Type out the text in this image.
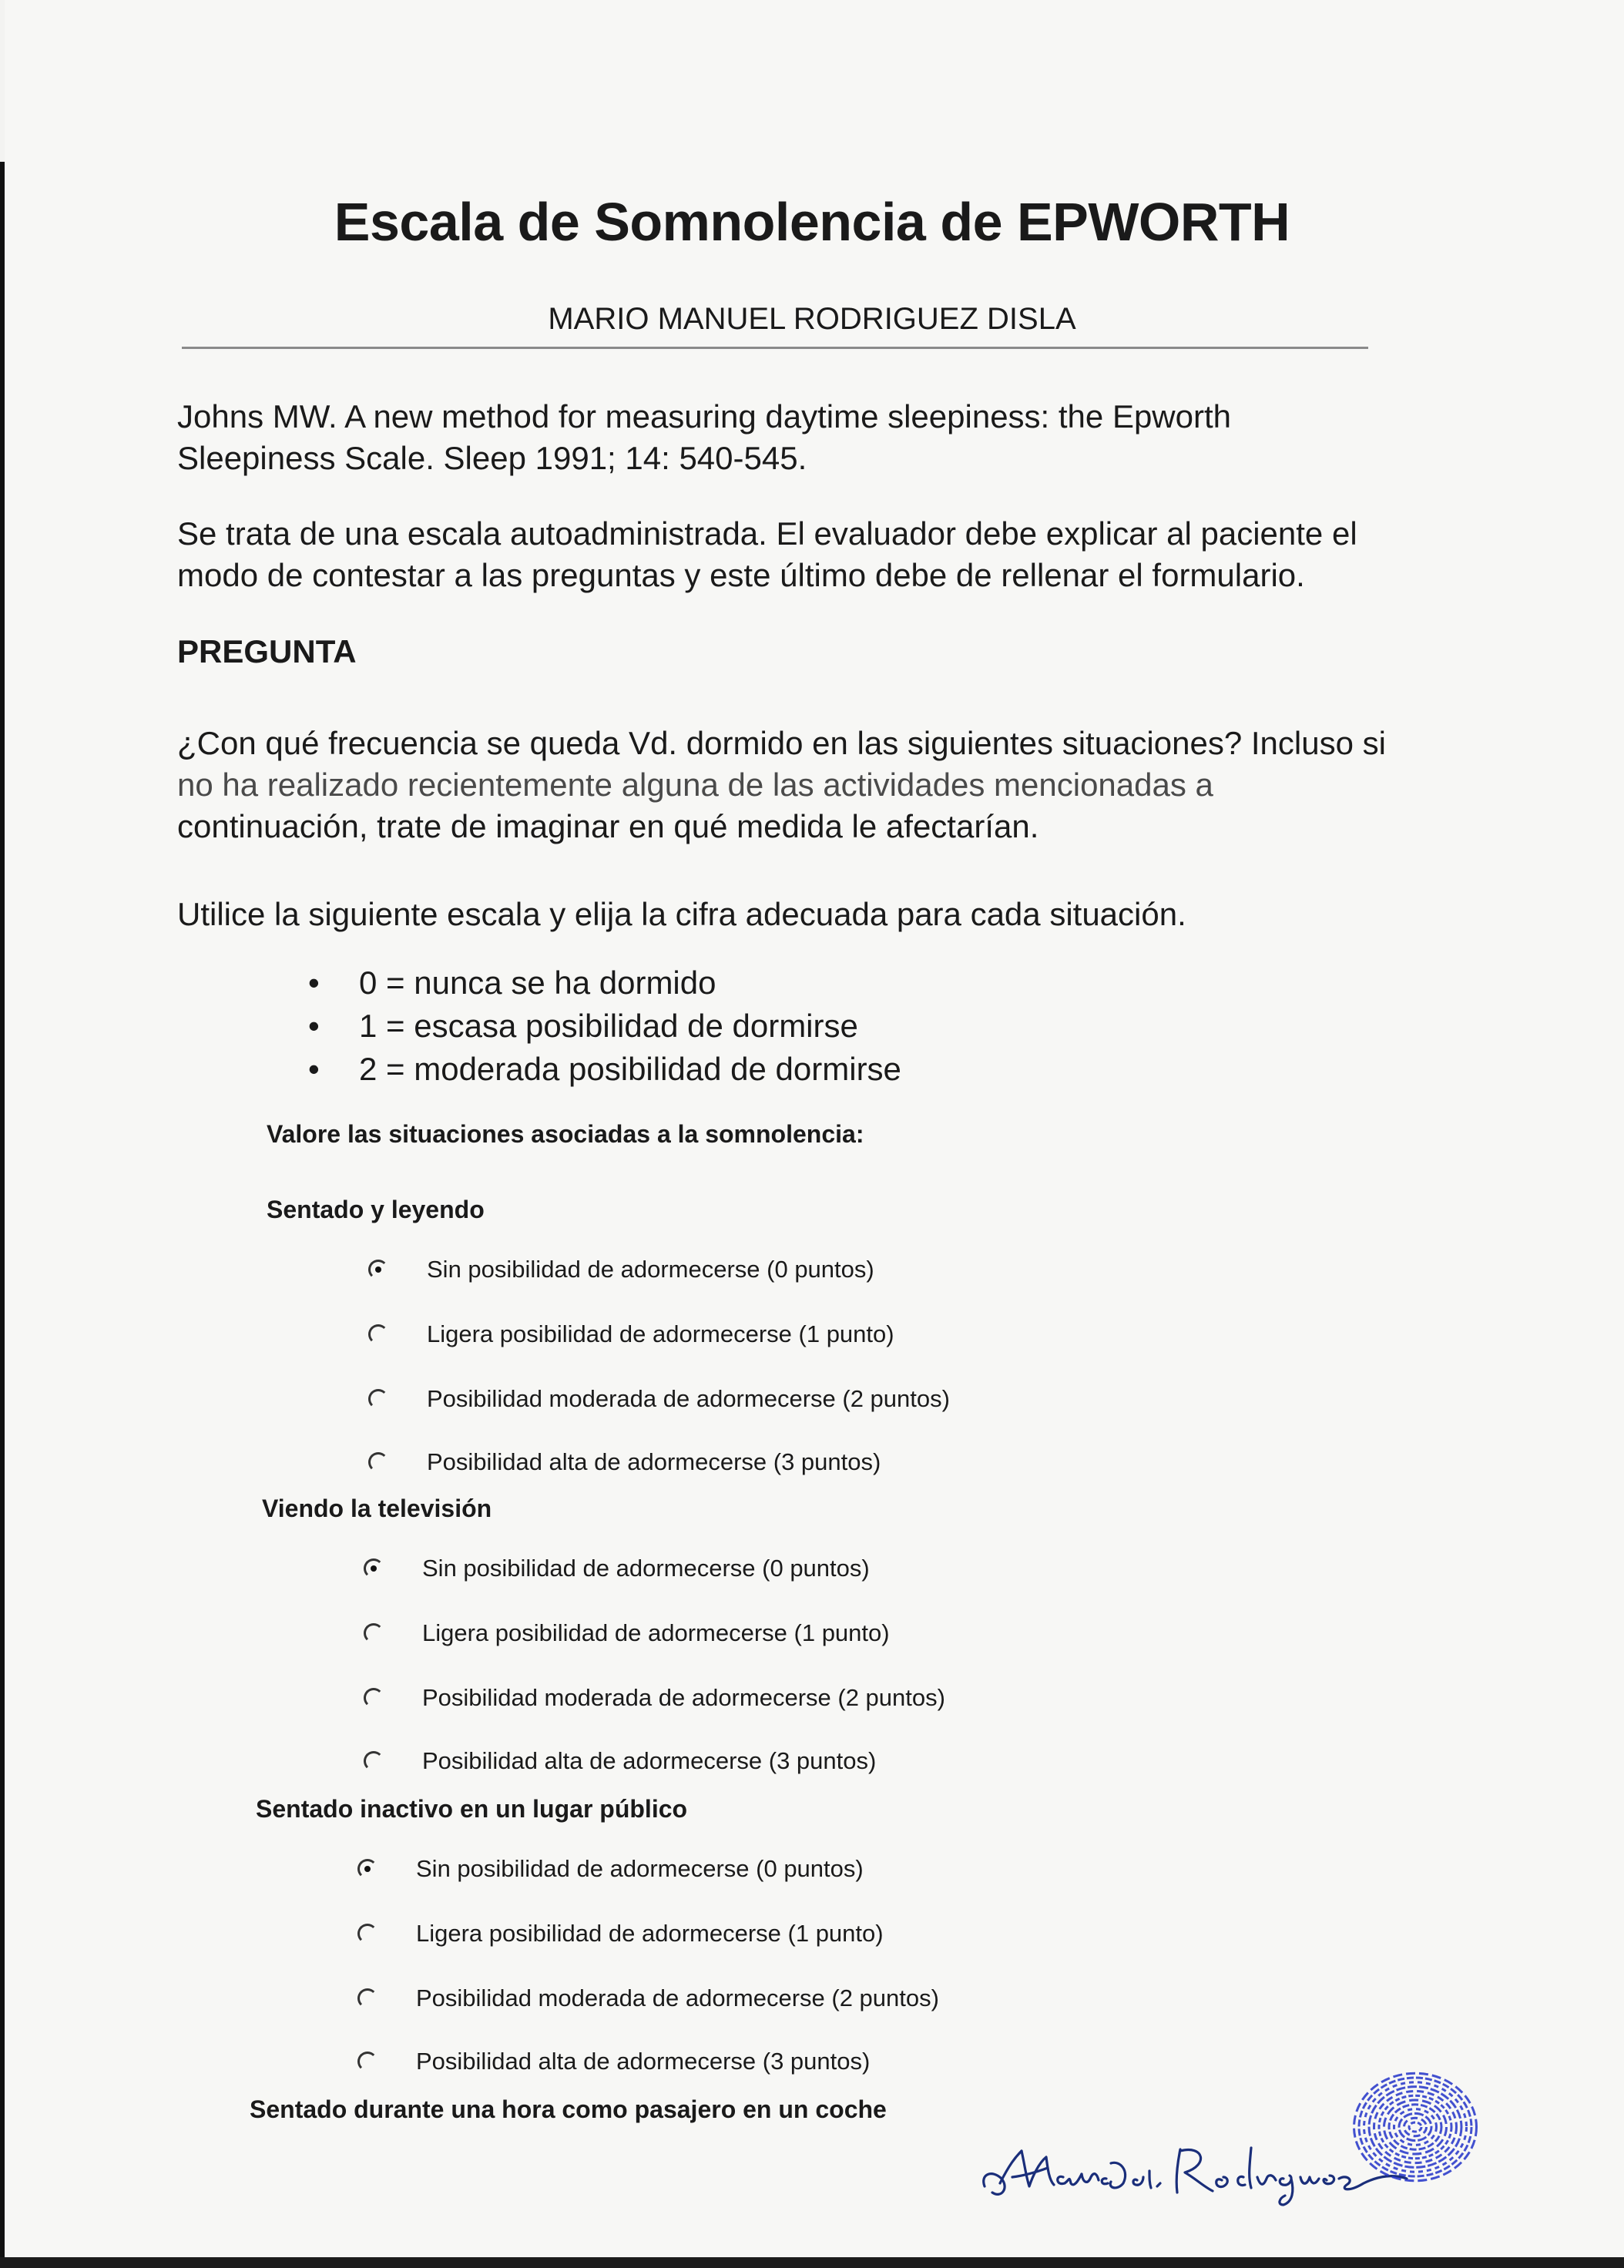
Escala de Somnolencia de EPWORTH
MARIO MANUEL RODRIGUEZ DISLA
Johns MW. A new method for measuring daytime sleepiness: the Epworth Sleepiness Scale. Sleep 1991; 14: 540-545.
Se trata de una escala autoadministrada. El evaluador debe explicar al paciente el modo de contestar a las preguntas y este último debe de rellenar el formulario.
PREGUNTA
¿Con qué frecuencia se queda Vd. dormido en las siguientes situaciones? Incluso si no ha realizado recientemente alguna de las actividades mencionadas a continuación, trate de imaginar en qué medida le afectarían.
Utilice la siguiente escala y elija la cifra adecuada para cada situación.
• 0 = nunca se ha dormido
• 1 = escasa posibilidad de dormirse
• 2 = moderada posibilidad de dormirse
Valore las situaciones asociadas a la somnolencia:
Sentado y leyendo
Sin posibilidad de adormecerse (0 puntos)
Ligera posibilidad de adormecerse (1 punto)
Posibilidad moderada de adormecerse (2 puntos)
Posibilidad alta de adormecerse (3 puntos)
Viendo la televisión
Sin posibilidad de adormecerse (0 puntos)
Ligera posibilidad de adormecerse (1 punto)
Posibilidad moderada de adormecerse (2 puntos)
Posibilidad alta de adormecerse (3 puntos)
Sentado inactivo en un lugar público
Sin posibilidad de adormecerse (0 puntos)
Ligera posibilidad de adormecerse (1 punto)
Posibilidad moderada de adormecerse (2 puntos)
Posibilidad alta de adormecerse (3 puntos)
Sentado durante una hora como pasajero en un coche
